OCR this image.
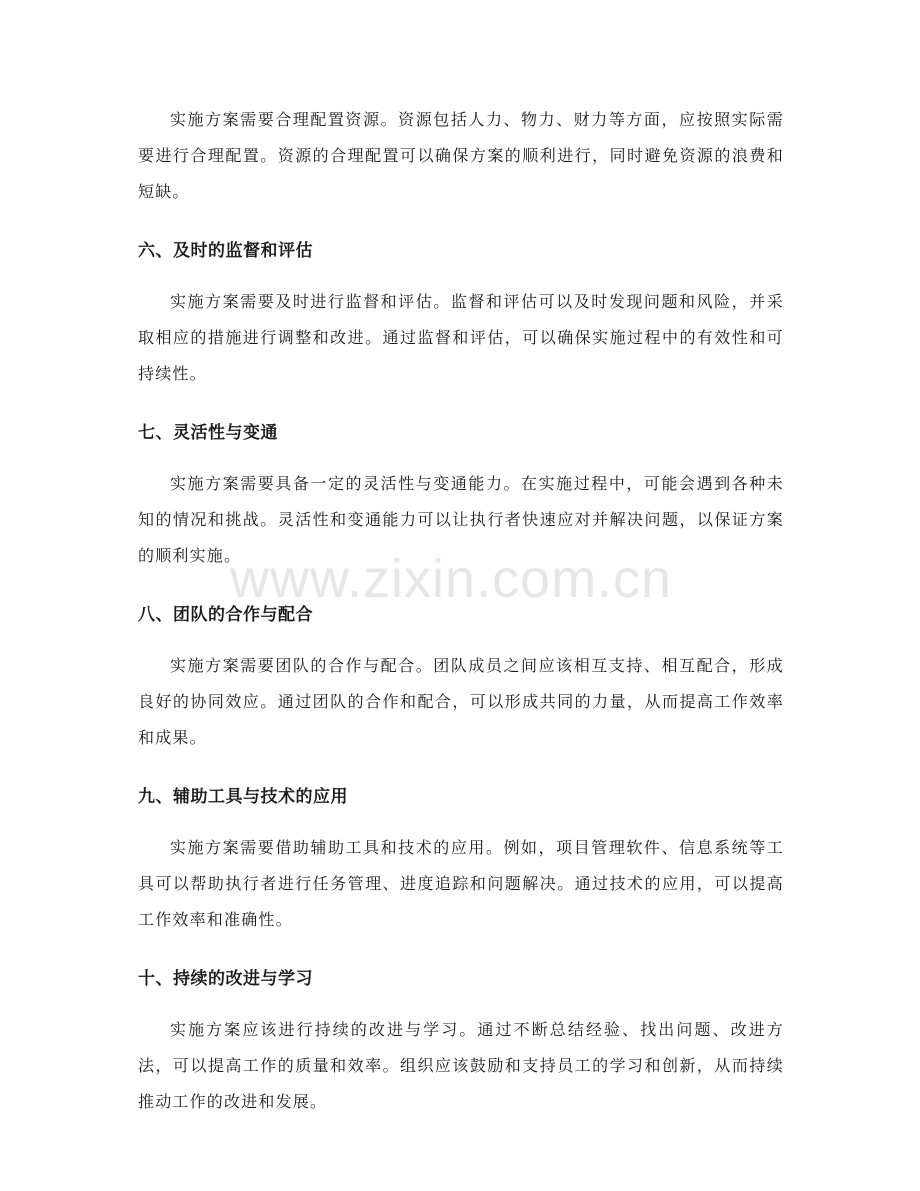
实施方案需要合理配置资源。资源包括人力、物力、财力等方面，应按照实际需要进行合理配置。资源的合理配置可以确保方案的顺利进行，同时避免资源的浪费和短缺。

六、及时的监督和评估

实施方案需要及时进行监督和评估。监督和评估可以及时发现问题和风险，并采取相应的措施进行调整和改进。通过监督和评估，可以确保实施过程中的有效性和可持续性。

七、灵活性与变通

实施方案需要具备一定的灵活性与变通能力。在实施过程中，可能会遇到各种未知的情况和挑战。灵活性和变通能力可以让执行者快速应对并解决问题，以保证方案的顺利实施。

八、团队的合作与配合

实施方案需要团队的合作与配合。团队成员之间应该相互支持、相互配合，形成良好的协同效应。通过团队的合作和配合，可以形成共同的力量，从而提高工作效率和成果。

九、辅助工具与技术的应用

实施方案需要借助辅助工具和技术的应用。例如，项目管理软件、信息系统等工具可以帮助执行者进行任务管理、进度追踪和问题解决。通过技术的应用，可以提高工作效率和准确性。

十、持续的改进与学习

实施方案应该进行持续的改进与学习。通过不断总结经验、找出问题、改进方法，可以提高工作的质量和效率。组织应该鼓励和支持员工的学习和创新，从而持续推动工作的改进和发展。

www.zixin.com.cn
